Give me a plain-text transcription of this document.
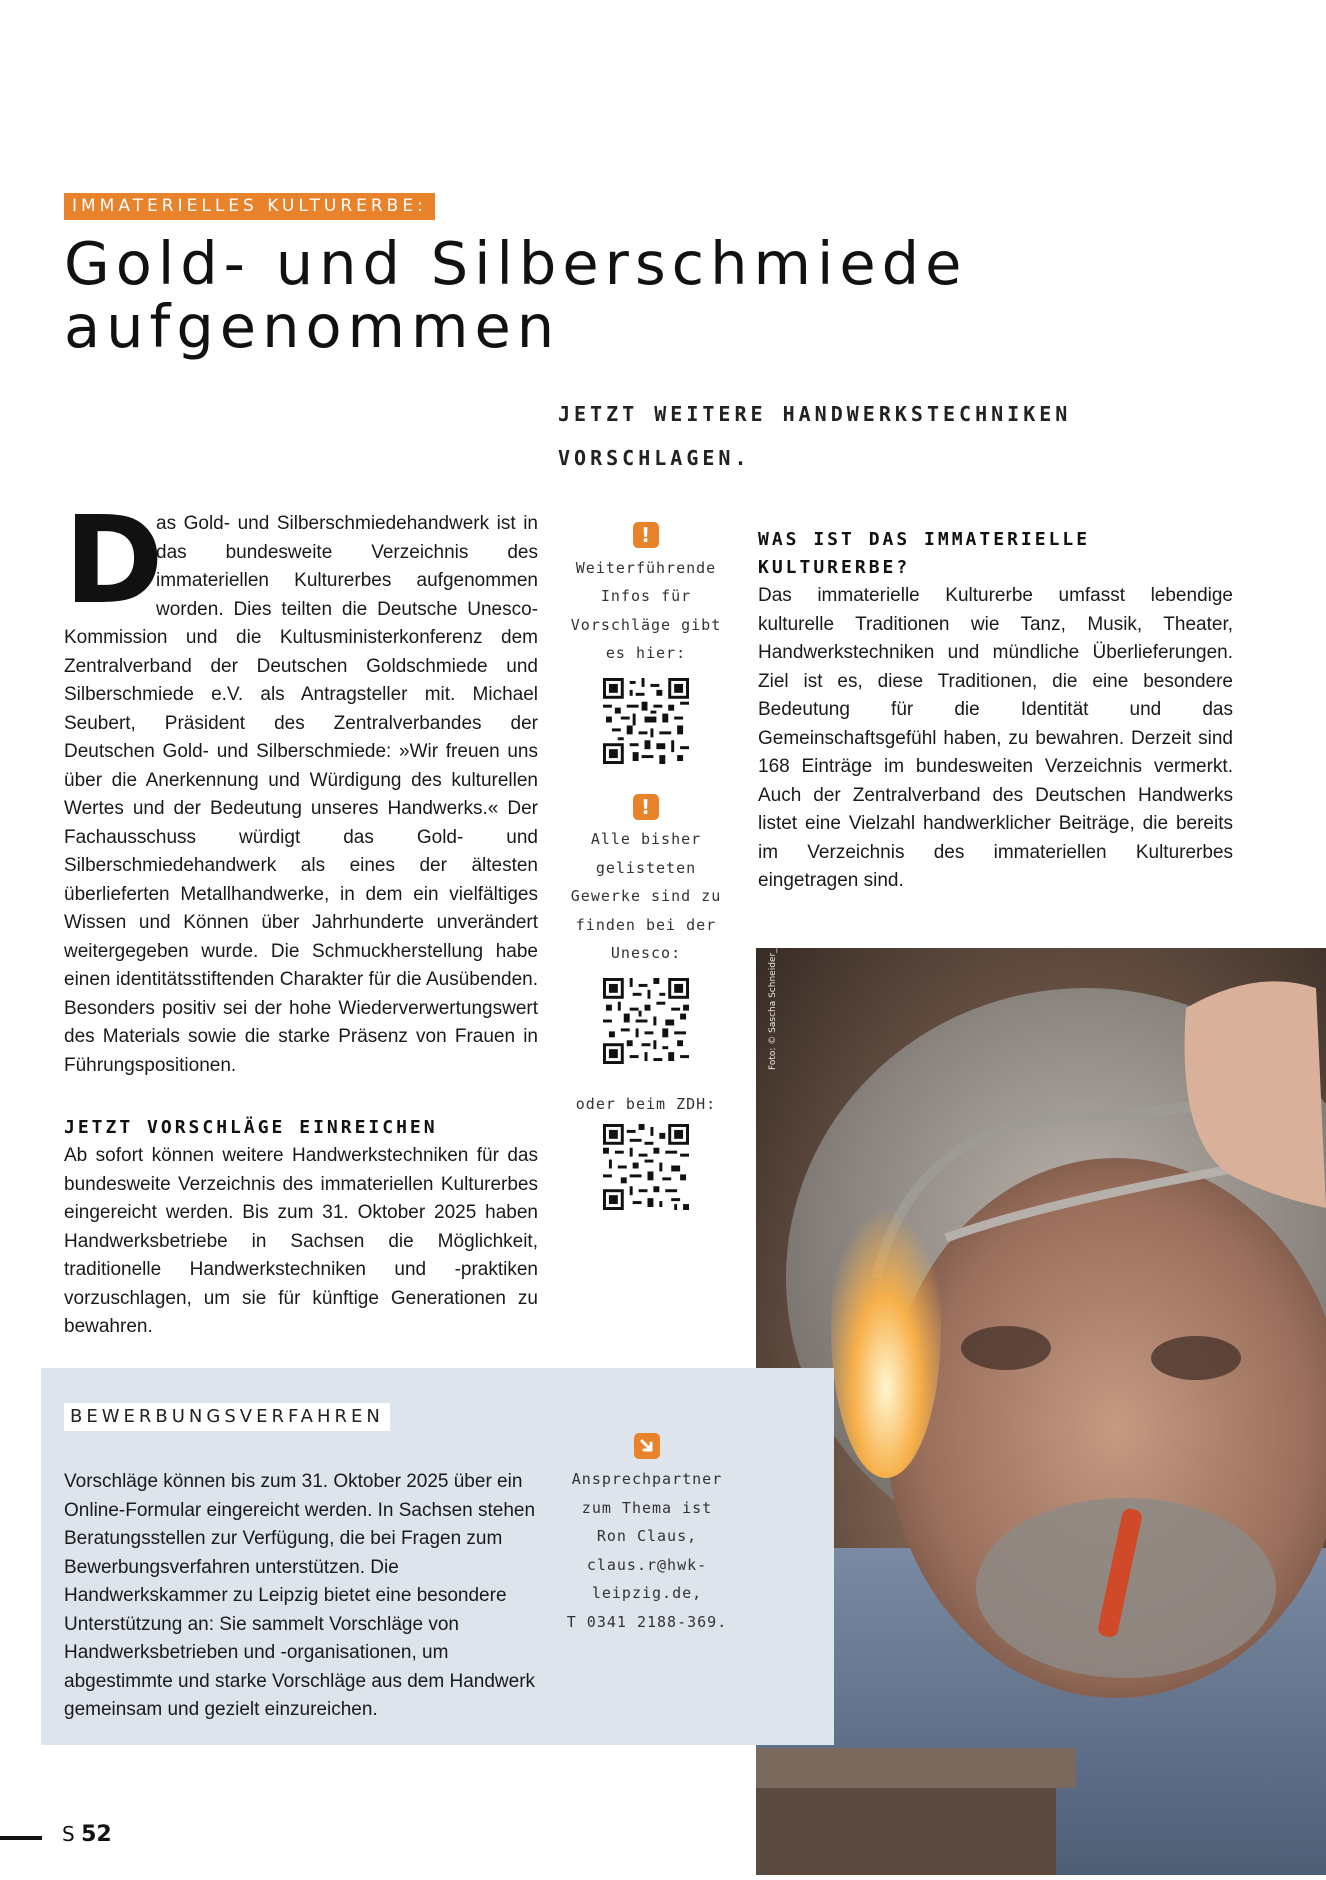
IMMATERIELLES KULTURERBE:
Gold- und Silberschmiede
aufgenommen
JETZT WEITERE HANDWERKSTECHNIKEN
VORSCHLAGEN.

D
as Gold- und Silberschmiedehandwerk ist in das bundesweite Verzeichnis des immateriellen Kulturerbes aufgenommen worden. Dies teilten die Deutsche Unesco-Kommission und die Kultusministerkonferenz dem Zentralverband der Deutschen Goldschmiede und Silberschmiede e.V. als Antragsteller mit. Michael Seubert, Präsident des Zentralverbandes der Deutschen Gold- und Silberschmiede: »Wir freuen uns über die Anerkennung und Würdigung des kulturellen Wertes und der Bedeutung unseres Handwerks.« Der Fachausschuss würdigt das Gold- und Silberschmiedehandwerk als eines der ältesten überlieferten Metallhandwerke, in dem ein vielfältiges Wissen und Können über Jahrhunderte unverändert weitergegeben wurde. Die Schmuckherstellung habe einen identitätsstiftenden Charakter für die Ausübenden. Besonders positiv sei der hohe Wiederverwertungswert des Materials sowie die starke Präsenz von Frauen in Führungspositionen.

JETZT VORSCHLÄGE EINREICHEN

Ab sofort können weitere Handwerkstechniken für das bundesweite Verzeichnis des immateriellen Kulturerbes eingereicht werden. Bis zum 31. Oktober 2025 haben Handwerksbetriebe in Sachsen die Möglichkeit, traditionelle Handwerkstechniken und -praktiken vorzuschlagen, um sie für künftige Generationen zu bewahren.

!
Weiterführende Infos für Vorschläge gibt es hier:
!
Alle bisher gelisteten Gewerke sind zu finden bei der Unesco:
oder beim ZDH:
WAS IST DAS IMMATERIELLE KULTURERBE?

Das immaterielle Kulturerbe umfasst lebendige kulturelle Traditionen wie Tanz, Musik, Theater, Handwerkstechniken und mündliche Überlieferungen. Ziel ist es, diese Traditionen, die eine besondere Bedeutung für die Identität und das Gemeinschaftsgefühl haben, zu bewahren. Derzeit sind 168 Einträge im bundesweiten Verzeichnis vermerkt. Auch der Zentralverband des Deutschen Handwerks listet eine Vielzahl handwerklicher Beiträge, die bereits im Verzeichnis des immateriellen Kulturerbes eingetragen sind.

Foto: © Sascha Schneider_zeit
BEWERBUNGSVERFAHREN

Vorschläge können bis zum 31. Oktober 2025 über ein Online-Formular eingereicht werden. In Sachsen stehen Beratungsstellen zur Verfügung, die bei Fragen zum Bewerbungsverfahren unterstützen. Die Handwerkskammer zu Leipzig bietet eine besondere Unterstützung an: Sie sammelt Vorschläge von Handwerksbetrieben und -organisationen, um abgestimmte und starke Vorschläge aus dem Handwerk gemeinsam und gezielt einzureichen.

Ansprechpartner
zum Thema ist
Ron Claus,
claus.r@hwk-
leipzig.de,
T 0341 2188-369.
S 52
